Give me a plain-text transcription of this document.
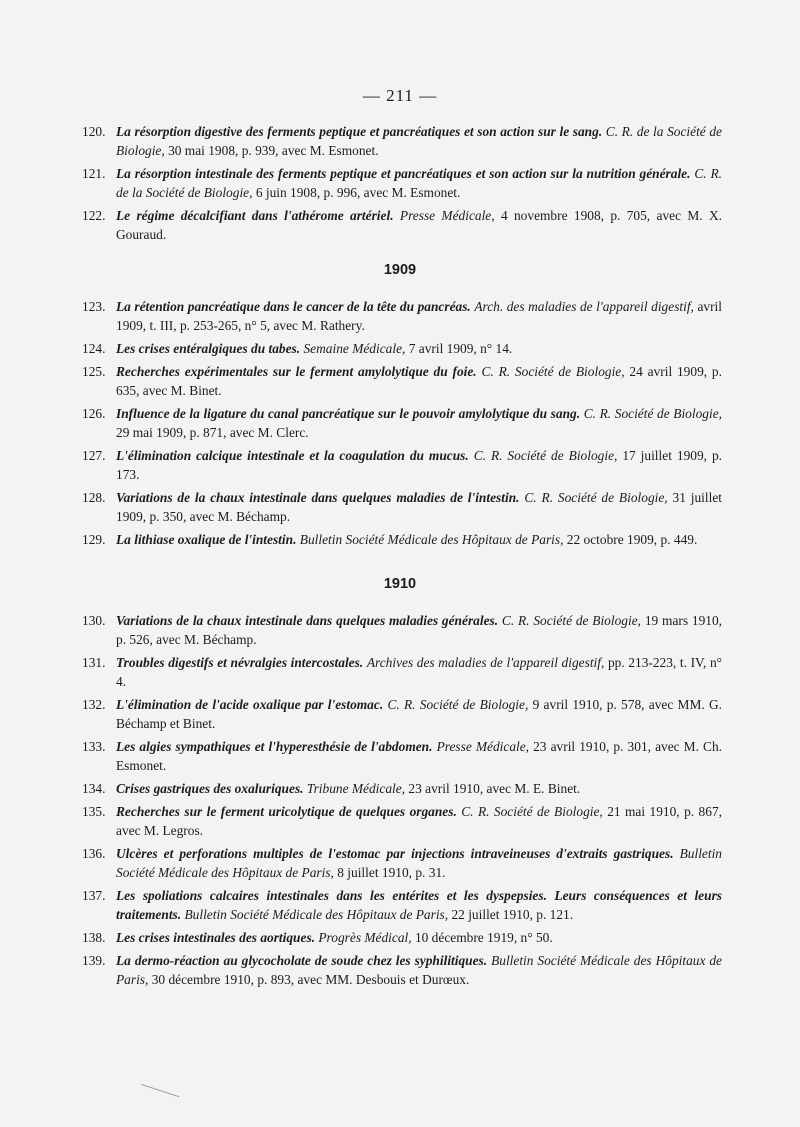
— 211 —
120. La résorption digestive des ferments peptique et pancréatiques et son action sur le sang. C. R. de la Société de Biologie, 30 mai 1908, p. 939, avec M. Esmonet.
121. La résorption intestinale des ferments peptique et pancréatiques et son action sur la nutrition générale. C. R. de la Société de Biologie, 6 juin 1908, p. 996, avec M. Esmonet.
122. Le régime décalcifiant dans l'athérome artériel. Presse Médicale, 4 novembre 1908, p. 705, avec M. X. Gouraud.
1909
123. La rétention pancréatique dans le cancer de la tête du pancréas. Arch. des maladies de l'appareil digestif, avril 1909, t. III, p. 253-265, n° 5, avec M. Rathery.
124. Les crises entéralgiques du tabes. Semaine Médicale, 7 avril 1909, n° 14.
125. Recherches expérimentales sur le ferment amylolytique du foie. C. R. Société de Biologie, 24 avril 1909, p. 635, avec M. Binet.
126. Influence de la ligature du canal pancréatique sur le pouvoir amylolytique du sang. C. R. Société de Biologie, 29 mai 1909, p. 871, avec M. Clerc.
127. L'élimination calcique intestinale et la coagulation du mucus. C. R. Société de Biologie, 17 juillet 1909, p. 173.
128. Variations de la chaux intestinale dans quelques maladies de l'intestin. C. R. Société de Biologie, 31 juillet 1909, p. 350, avec M. Béchamp.
129. La lithiase oxalique de l'intestin. Bulletin Société Médicale des Hôpitaux de Paris, 22 octobre 1909, p. 449.
1910
130. Variations de la chaux intestinale dans quelques maladies générales. C. R. Société de Biologie, 19 mars 1910, p. 526, avec M. Béchamp.
131. Troubles digestifs et névralgies intercostales. Archives des maladies de l'appareil digestif, pp. 213-223, t. IV, n° 4.
132. L'élimination de l'acide oxalique par l'estomac. C. R. Société de Biologie, 9 avril 1910, p. 578, avec MM. G. Béchamp et Binet.
133. Les algies sympathiques et l'hyperesthésie de l'abdomen. Presse Médicale, 23 avril 1910, p. 301, avec M. Ch. Esmonet.
134. Crises gastriques des oxaluriques. Tribune Médicale, 23 avril 1910, avec M. E. Binet.
135. Recherches sur le ferment uricolytique de quelques organes. C. R. Société de Biologie, 21 mai 1910, p. 867, avec M. Legros.
136. Ulcères et perforations multiples de l'estomac par injections intraveineuses d'extraits gastriques. Bulletin Société Médicale des Hôpitaux de Paris, 8 juillet 1910, p. 31.
137. Les spoliations calcaires intestinales dans les entérites et les dyspepsies. Leurs conséquences et leurs traitements. Bulletin Société Médicale des Hôpitaux de Paris, 22 juillet 1910, p. 121.
138. Les crises intestinales des aortiques. Progrès Médical, 10 décembre 1919, n° 50.
139. La dermo-réaction au glycocholate de soude chez les syphilitiques. Bulletin Société Médicale des Hôpitaux de Paris, 30 décembre 1910, p. 893, avec MM. Desbouis et Durœux.
